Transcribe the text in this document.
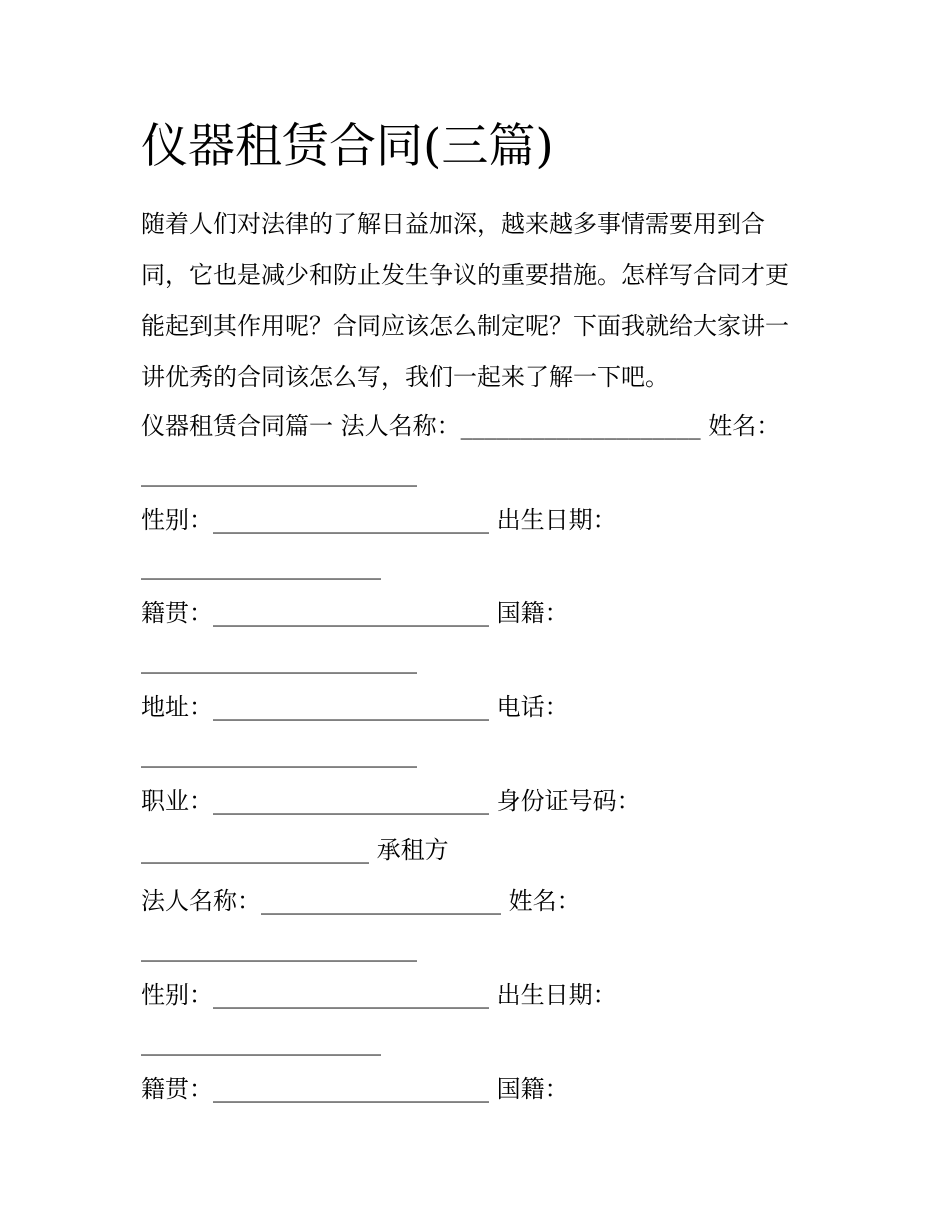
仪器租赁合同(三篇)
随着人们对法律的了解日益加深，越来越多事情需要用到合
同，它也是减少和防止发生争议的重要措施。怎样写合同才更
能起到其作用呢？合同应该怎么制定呢？下面我就给大家讲一
讲优秀的合同该怎么写，我们一起来了解一下吧。
仪器租赁合同篇一 法人名称：____________________ 姓名：
_______________________
性别：_______________________ 出生日期：
____________________
籍贯：_______________________ 国籍：
_______________________
地址：_______________________ 电话：
_______________________
职业：_______________________ 身份证号码：
___________________ 承租方
法人名称：____________________ 姓名：
_______________________
性别：_______________________ 出生日期：
____________________
籍贯：_______________________ 国籍：
